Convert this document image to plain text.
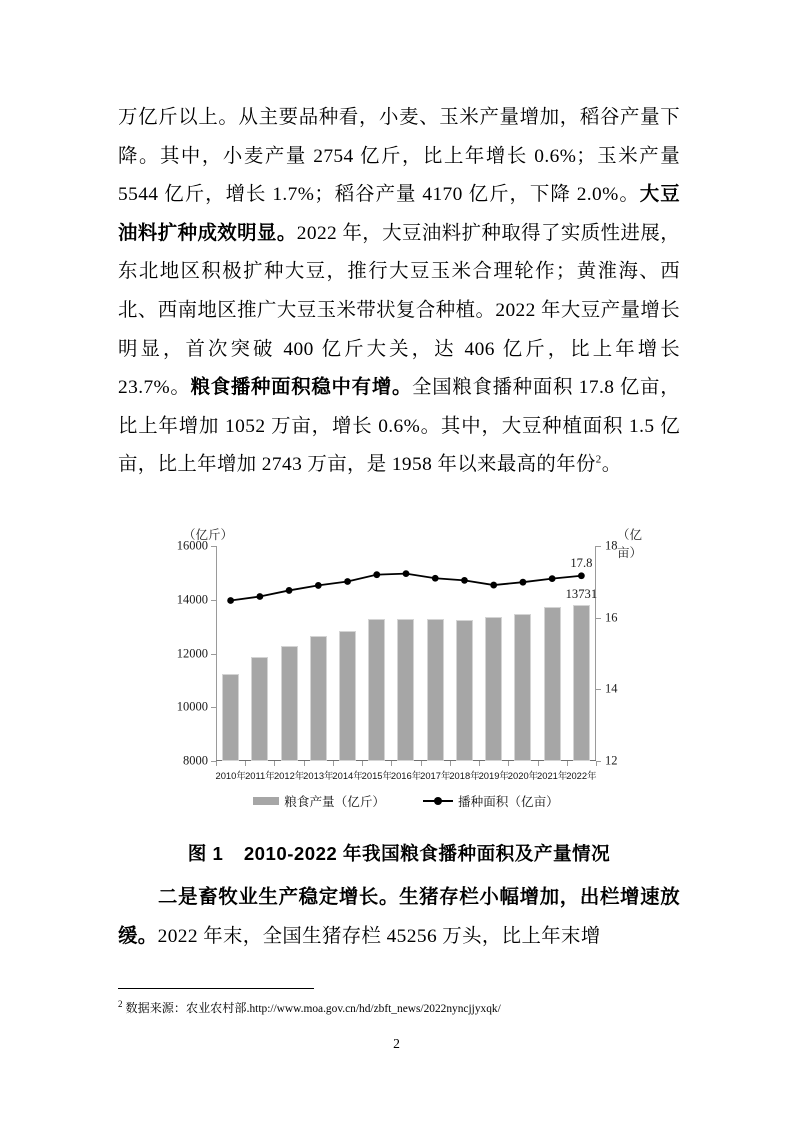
万亿斤以上。从主要品种看，小麦、玉米产量增加，稻谷产量下降。其中，小麦产量 2754 亿斤，比上年增长 0.6%；玉米产量 5544 亿斤，增长 1.7%；稻谷产量 4170 亿斤，下降 2.0%。大豆油料扩种成效明显。2022 年，大豆油料扩种取得了实质性进展，东北地区积极扩种大豆，推行大豆玉米合理轮作；黄淮海、西北、西南地区推广大豆玉米带状复合种植。2022 年大豆产量增长明显，首次突破 400 亿斤大关，达 406 亿斤，比上年增长 23.7%。粮食播种面积稳中有增。全国粮食播种面积 17.8 亿亩，比上年增加 1052 万亩，增长 0.6%。其中，大豆种植面积 1.5 亿亩，比上年增加 2743 万亩，是 1958 年以来最高的年份$^2$。
（亿斤）	（亿亩）
8000
10000
12000
14000
16000
12
14
16
18
17.8
13731
2010年 2011年 2012年 2013年 2014年 2015年 2016年
2017年 2018年 2019年 2020年
2021年 2022年
粮食产量（亿斤）	播种面积（亿亩）
图 1 2010-2022 年我国粮食播种面积及产量情况
二是畜牧业生产稳定增长。生猪存栏小幅增加，出栏增速放缓。2022 年末，全国生猪存栏 45256 万头，比上年末增
$^2$ 数据来源：农业农村部.http://www.moa.gov.cn/hd/zbft_news/2022nyncjjyxqk/
2
